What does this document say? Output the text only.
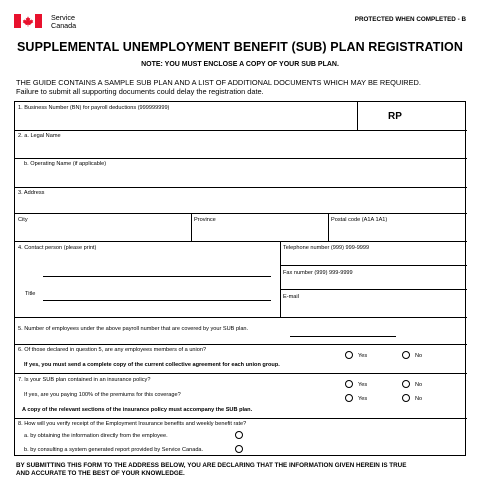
Service
Canada
PROTECTED WHEN COMPLETED - B
SUPPLEMENTAL UNEMPLOYMENT BENEFIT (SUB) PLAN REGISTRATION
NOTE: YOU MUST ENCLOSE A COPY OF YOUR SUB PLAN.
THE GUIDE CONTAINS A SAMPLE SUB PLAN AND A LIST OF ADDITIONAL DOCUMENTS WHICH MAY BE REQUIRED.
Failure to submit all supporting documents could delay the registration date.
1. Business Number (BN) for payroll deductions (999999999)
RP
2. a. Legal Name
b. Operating Name (if applicable)
3. Address
City	Province	Postal code (A1A 1A1)
4. Contact person (please print)
Title
Telephone number (999) 999-9999
Fax number (999) 999-9999
E-mail
5. Number of employees under the above payroll number that are covered by your SUB plan.
6. Of those declared in question 5, are any employees members of a union?
If yes, you must send a complete copy of the current collective agreement for each union group.
Yes	No
7. Is your SUB plan contained in an insurance policy?
Yes	No
If yes, are you paying 100% of the premiums for this coverage?
Yes	No
A copy of the relevant sections of the insurance policy must accompany the SUB plan.
8. How will you verify receipt of the Employment Insurance benefits and weekly benefit rate?
a. by obtaining the information directly from the employee.
b. by consulting a system generated report provided by Service Canada.
BY SUBMITTING THIS FORM TO THE ADDRESS BELOW, YOU ARE DECLARING THAT THE INFORMATION GIVEN HEREIN IS TRUE
AND ACCURATE TO THE BEST OF YOUR KNOWLEDGE.
